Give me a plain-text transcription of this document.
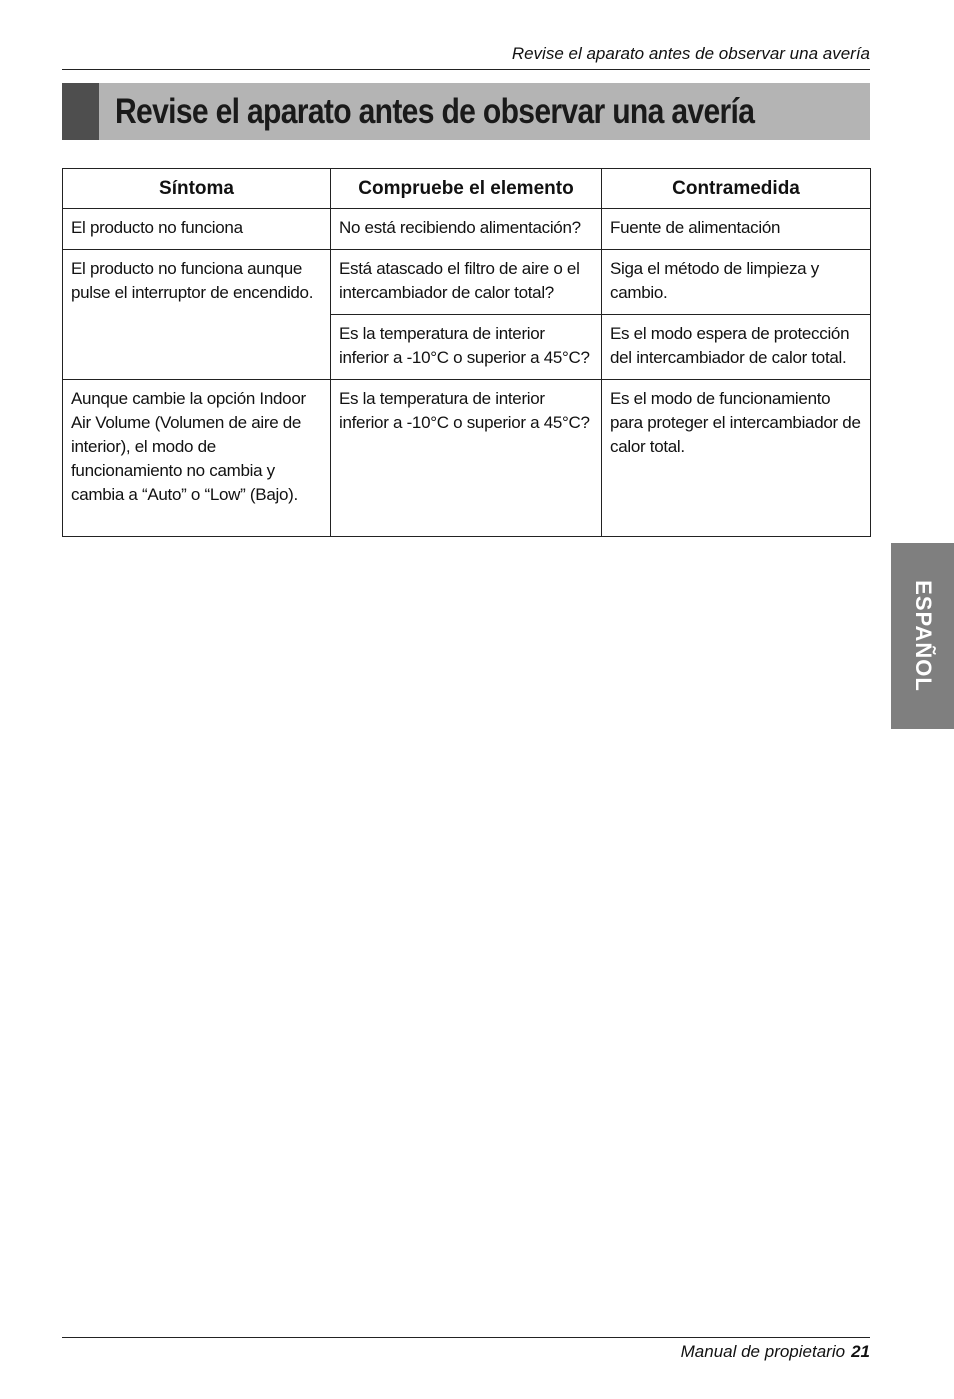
Revise el aparato antes de observar una avería
Revise el aparato antes de observar una avería
Síntoma	Compruebe el elemento	Contramedida
El producto no funciona	No está recibiendo alimentación?	Fuente de alimentación
El producto no funciona aunque pulse el interruptor de encendido.	Está atascado el filtro de aire o el intercambiador de calor total?	Siga el método de limpieza y cambio.
	Es la temperatura de interior inferior a -10°C o superior a 45°C?	Es el modo espera de protección del intercambiador de calor total.
Aunque cambie la opción Indoor Air Volume (Volumen de aire de interior), el modo de funcionamiento no cambia y cambia a “Auto” o “Low” (Bajo).	Es la temperatura de interior inferior a -10°C o superior a 45°C?	Es el modo de funcionamiento para proteger el intercambiador de calor total.
ESPAÑOL
Manual de propietario 21
